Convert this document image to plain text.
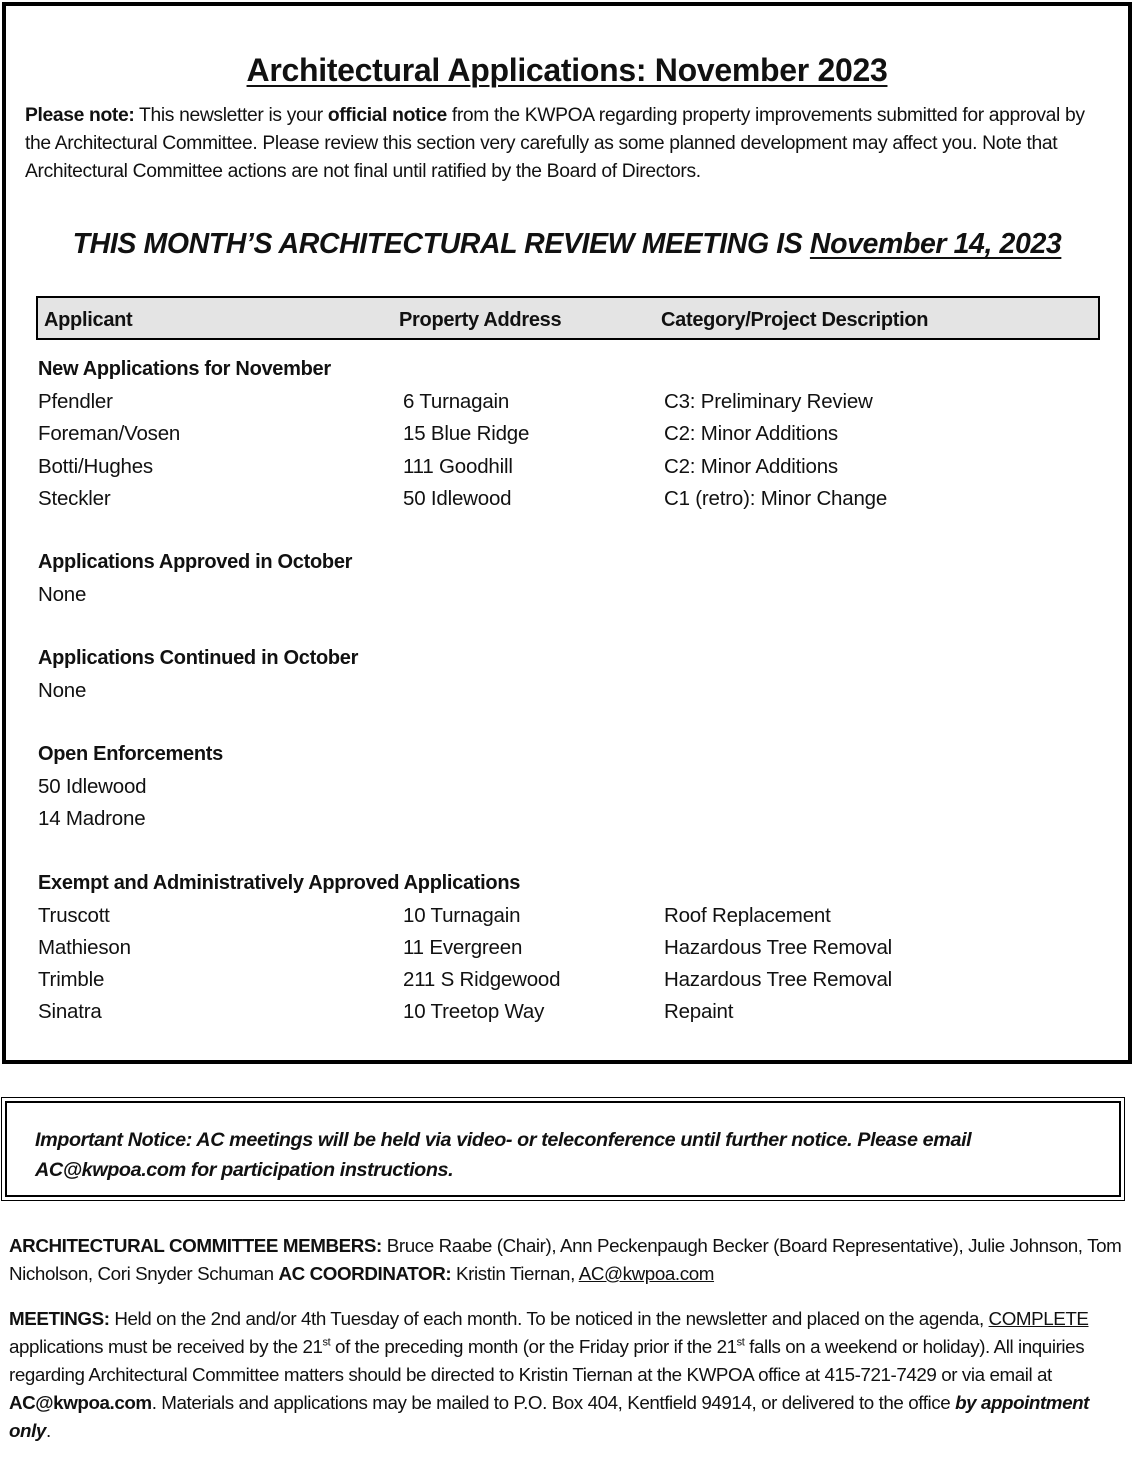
Architectural Applications: November 2023
Please note: This newsletter is your official notice from the KWPOA regarding property improvements submitted for approval by the Architectural Committee. Please review this section very carefully as some planned development may affect you. Note that Architectural Committee actions are not final until ratified by the Board of Directors.
THIS MONTH’S ARCHITECTURAL REVIEW MEETING IS November 14, 2023
Applicant	Property Address	Category/Project Description
New Applications for November
Pfendler	6 Turnagain	C3: Preliminary Review
Foreman/Vosen	15 Blue Ridge	C2: Minor Additions
Botti/Hughes	111 Goodhill	C2: Minor Additions
Steckler	50 Idlewood	C1 (retro): Minor Change
Applications Approved in October
None
Applications Continued in October
None
Open Enforcements
50 Idlewood
14 Madrone
Exempt and Administratively Approved Applications
Truscott	10 Turnagain	Roof Replacement
Mathieson	11 Evergreen	Hazardous Tree Removal
Trimble	211 S Ridgewood	Hazardous Tree Removal
Sinatra	10 Treetop Way	Repaint
Important Notice: AC meetings will be held via video- or teleconference until further notice. Please email AC@kwpoa.com for participation instructions.
ARCHITECTURAL COMMITTEE MEMBERS: Bruce Raabe (Chair), Ann Peckenpaugh Becker (Board Representative), Julie Johnson, Tom Nicholson, Cori Snyder Schuman AC COORDINATOR: Kristin Tiernan, AC@kwpoa.com
MEETINGS: Held on the 2nd and/or 4th Tuesday of each month. To be noticed in the newsletter and placed on the agenda, COMPLETE applications must be received by the 21st of the preceding month (or the Friday prior if the 21st falls on a weekend or holiday). All inquiries regarding Architectural Committee matters should be directed to Kristin Tiernan at the KWPOA office at 415-721-7429 or via email at AC@kwpoa.com. Materials and applications may be mailed to P.O. Box 404, Kentfield 94914, or delivered to the office by appointment only.
